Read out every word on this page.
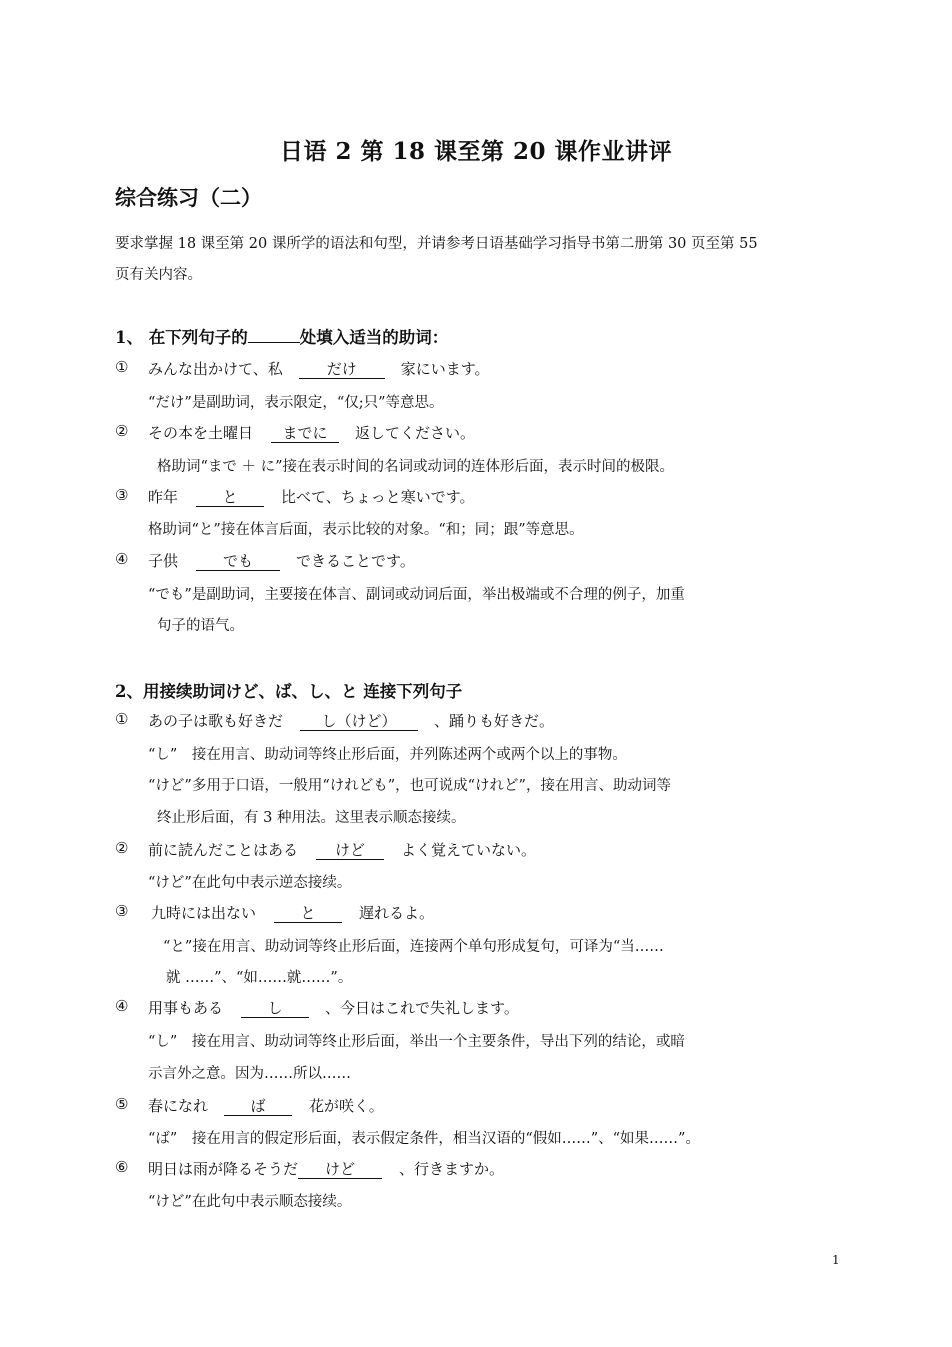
日语 2 第 18 课至第 20 课作业讲评
综合练习（二）
要求掌握 18 课至第 20 课所学的语法和句型，并请参考日语基础学习指导书第二册第 30 页至第 55
页有关内容。
1、 在下列句子的	处填入适当的助词：
① みんな出かけて、私	だけ	家にいます。
“だけ”是副助词，表示限定，“仅;只”等意思。
② その本を土曜日 までに 返してください。
格助词“まで ＋ に”接在表示时间的名词或动词的连体形后面，表示时间的极限。
③ 昨年	と	比べて、ちょっと寒いです。
格助词“と”接在体言后面，表示比较的对象。“和；同；跟”等意思。
④ 子供	でも	できることです。
“でも”是副助词，主要接在体言、副词或动词后面，举出极端或不合理的例子，加重
句子的语气。
2、用接续助词けど、ば、し、と 连接下列句子
① あの子は歌も好きだ	し（けど）	、踊りも好きだ。
“し”　接在用言、助动词等终止形后面，并列陈述两个或两个以上的事物。
“けど”多用于口语，一般用“けれども”，也可说成“けれど”，接在用言、助动词等
终止形后面，有 3 种用法。这里表示顺态接续。
② 前に読んだことはある けど よく覚えていない。
“けど”在此句中表示逆态接续。
③ 九時には出ない	と	遅れるよ。
“と”接在用言、助动词等终止形后面，连接两个单句形成复句，可译为“当……
就 ……”、“如……就……”。
④ 用事もある	し	、今日はこれで失礼します。
“し”　接在用言、助动词等终止形后面，举出一个主要条件，导出下列的结论，或暗
示言外之意。因为……所以……
⑤ 春になれ	ば	花が咲く。
“ば”　接在用言的假定形后面，表示假定条件，相当汉语的“假如……”、“如果……”。
⑥ 明日は雨が降るそうだ けど	、行きますか。
“けど”在此句中表示顺态接续。
1
